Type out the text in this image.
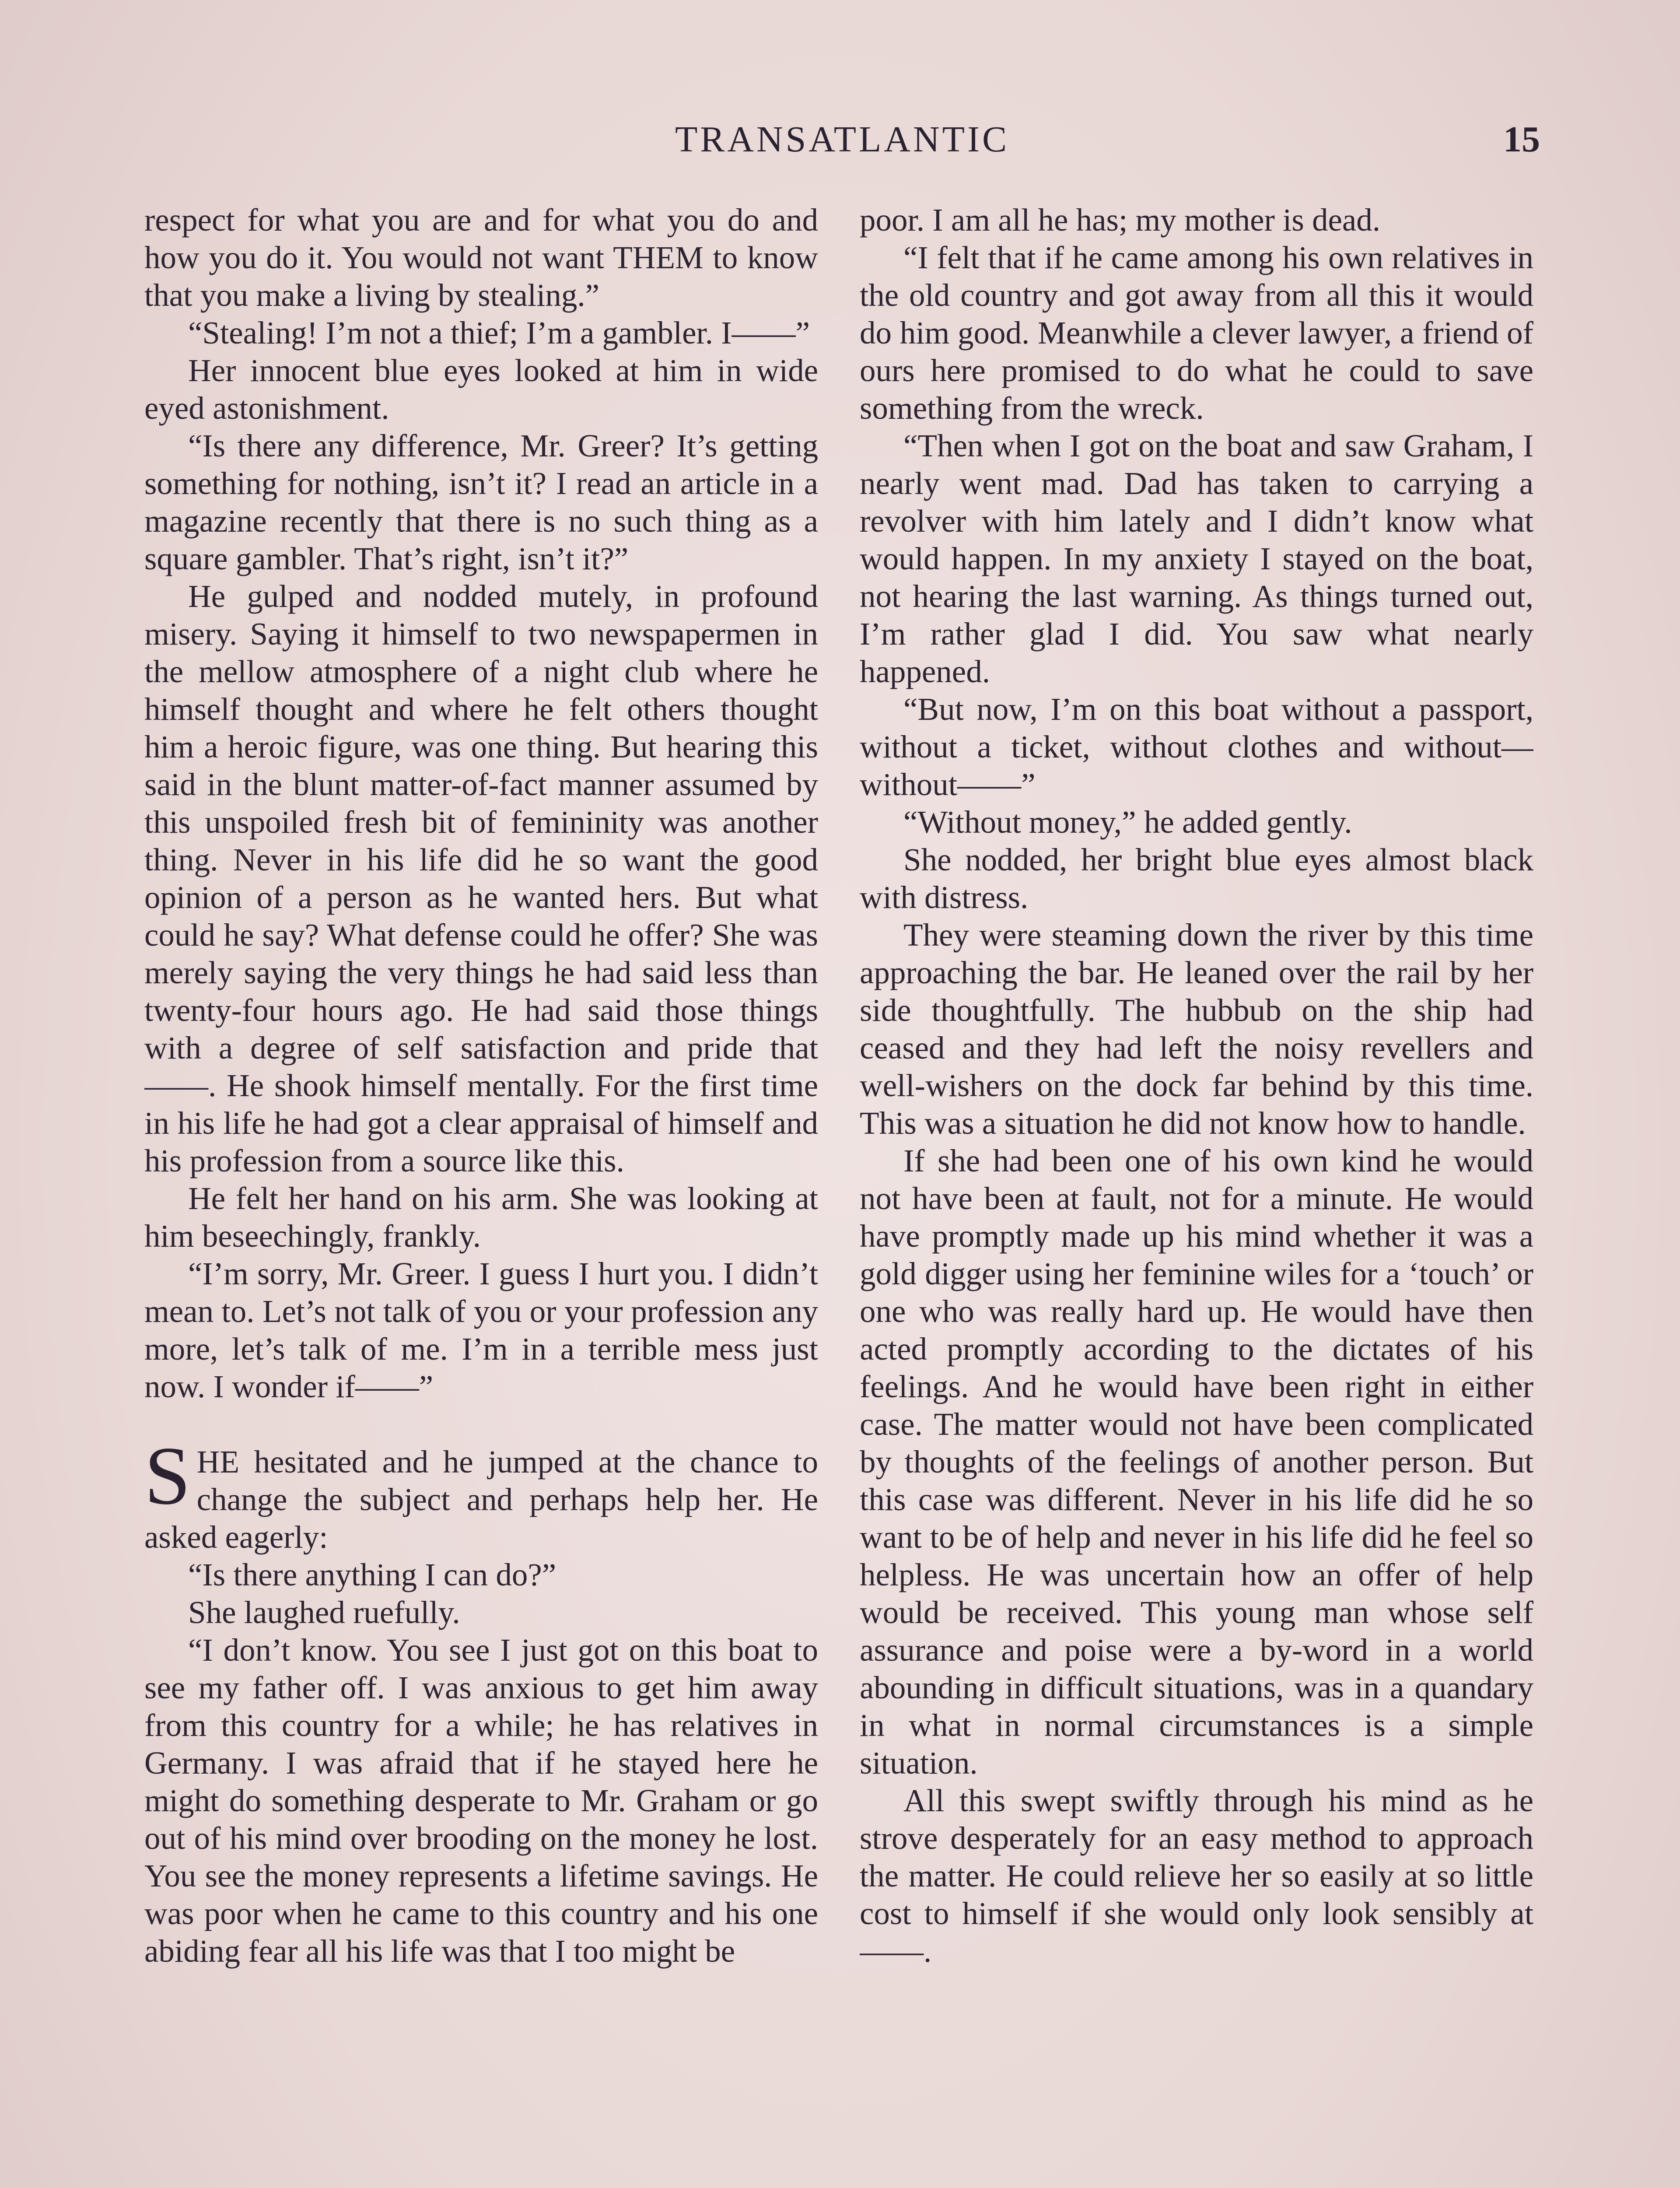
TRANSATLANTIC	15

respect for what you are and for what you do and how you do it. You would not want THEM to know that you make a living by stealing.”

“Stealing! I’m not a thief; I’m a gambler. I——”

Her innocent blue eyes looked at him in wide eyed astonishment.

“Is there any difference, Mr. Greer? It’s getting something for nothing, isn’t it? I read an article in a magazine recently that there is no such thing as a square gambler. That’s right, isn’t it?”

He gulped and nodded mutely, in profound misery. Saying it himself to two newspapermen in the mellow atmosphere of a night club where he himself thought and where he felt others thought him a heroic figure, was one thing. But hearing this said in the blunt matter-of-fact manner assumed by this unspoiled fresh bit of femininity was another thing. Never in his life did he so want the good opinion of a person as he wanted hers. But what could he say? What defense could he offer? She was merely saying the very things he had said less than twenty-four hours ago. He had said those things with a degree of self satisfaction and pride that ——. He shook himself mentally. For the first time in his life he had got a clear appraisal of himself and his profession from a source like this.

He felt her hand on his arm. She was looking at him beseechingly, frankly.

“I’m sorry, Mr. Greer. I guess I hurt you. I didn’t mean to. Let’s not talk of you or your profession any more, let’s talk of me. I’m in a terrible mess just now. I wonder if——”

SHE hesitated and he jumped at the chance to change the subject and perhaps help her. He asked eagerly:

“Is there anything I can do?”

She laughed ruefully.

“I don’t know. You see I just got on this boat to see my father off. I was anxious to get him away from this country for a while; he has relatives in Germany. I was afraid that if he stayed here he might do something desperate to Mr. Graham or go out of his mind over brooding on the money he lost. You see the money represents a lifetime savings. He was poor when he came to this country and his one abiding fear all his life was that I too might be

poor. I am all he has; my mother is dead.

“I felt that if he came among his own relatives in the old country and got away from all this it would do him good. Meanwhile a clever lawyer, a friend of ours here promised to do what he could to save something from the wreck.

“Then when I got on the boat and saw Graham, I nearly went mad. Dad has taken to carrying a revolver with him lately and I didn’t know what would happen. In my anxiety I stayed on the boat, not hearing the last warning. As things turned out, I’m rather glad I did. You saw what nearly happened.

“But now, I’m on this boat without a passport, without a ticket, without clothes and without—without——”

“Without money,” he added gently.

She nodded, her bright blue eyes almost black with distress.

They were steaming down the river by this time approaching the bar. He leaned over the rail by her side thoughtfully. The hubbub on the ship had ceased and they had left the noisy revellers and well-wishers on the dock far behind by this time. This was a situation he did not know how to handle.

If she had been one of his own kind he would not have been at fault, not for a minute. He would have promptly made up his mind whether it was a gold digger using her feminine wiles for a ‘touch’ or one who was really hard up. He would have then acted promptly according to the dictates of his feelings. And he would have been right in either case. The matter would not have been complicated by thoughts of the feelings of another person. But this case was different. Never in his life did he so want to be of help and never in his life did he feel so helpless. He was uncertain how an offer of help would be received. This young man whose self assurance and poise were a by-word in a world abounding in difficult situations, was in a quandary in what in normal circumstances is a simple situation.

All this swept swiftly through his mind as he strove desperately for an easy method to approach the matter. He could relieve her so easily at so little cost to himself if she would only look sensibly at——.
